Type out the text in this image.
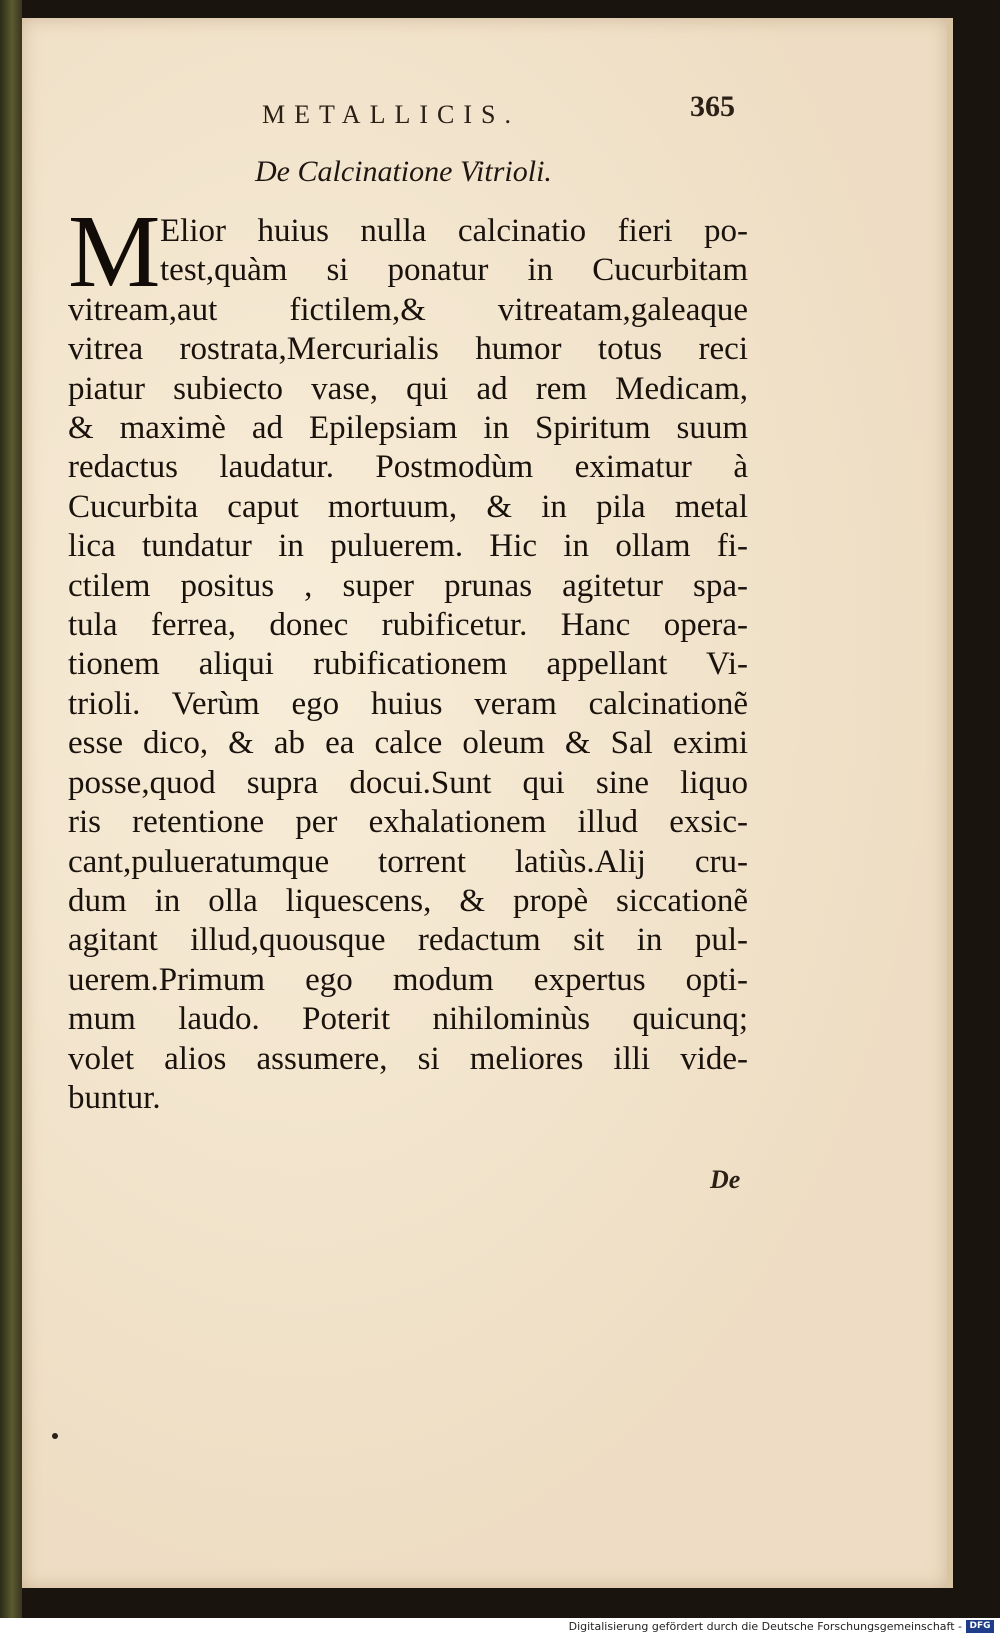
METALLICIS.	365
De Calcinatione Vitrioli.
M Elior huius nulla calcinatio fieri po-
test,quàm si ponatur in Cucurbitam
vitream,aut fictilem,& vitreatam,galeaque
vitrea rostrata,Mercurialis humor totus reci
piatur subiecto vase, qui ad rem Medicam,
& maximè ad Epilepsiam in Spiritum suum
redactus laudatur. Postmodùm eximatur à
Cucurbita caput mortuum, & in pila metal
lica tundatur in puluerem. Hic in ollam fi-
ctilem positus , super prunas agitetur spa-
tula ferrea, donec rubificetur. Hanc opera-
tionem aliqui rubificationem appellant Vi-
trioli. Verùm ego huius veram calcinationẽ
esse dico, & ab ea calce oleum & Sal eximi
posse,quod supra docui.Sunt qui sine liquo
ris retentione per exhalationem illud exsic-
cant,pulueratumque torrent latiùs.Alij cru-
dum in olla liquescens, & propè siccationẽ
agitant illud,quousque redactum sit in pul-
uerem.Primum ego modum expertus opti-
mum laudo. Poterit nihilominùs quicunq;
volet alios assumere, si meliores illi vide-
buntur.
De
Digitalisierung gefördert durch die Deutsche Forschungsgemeinschaft - DFG
